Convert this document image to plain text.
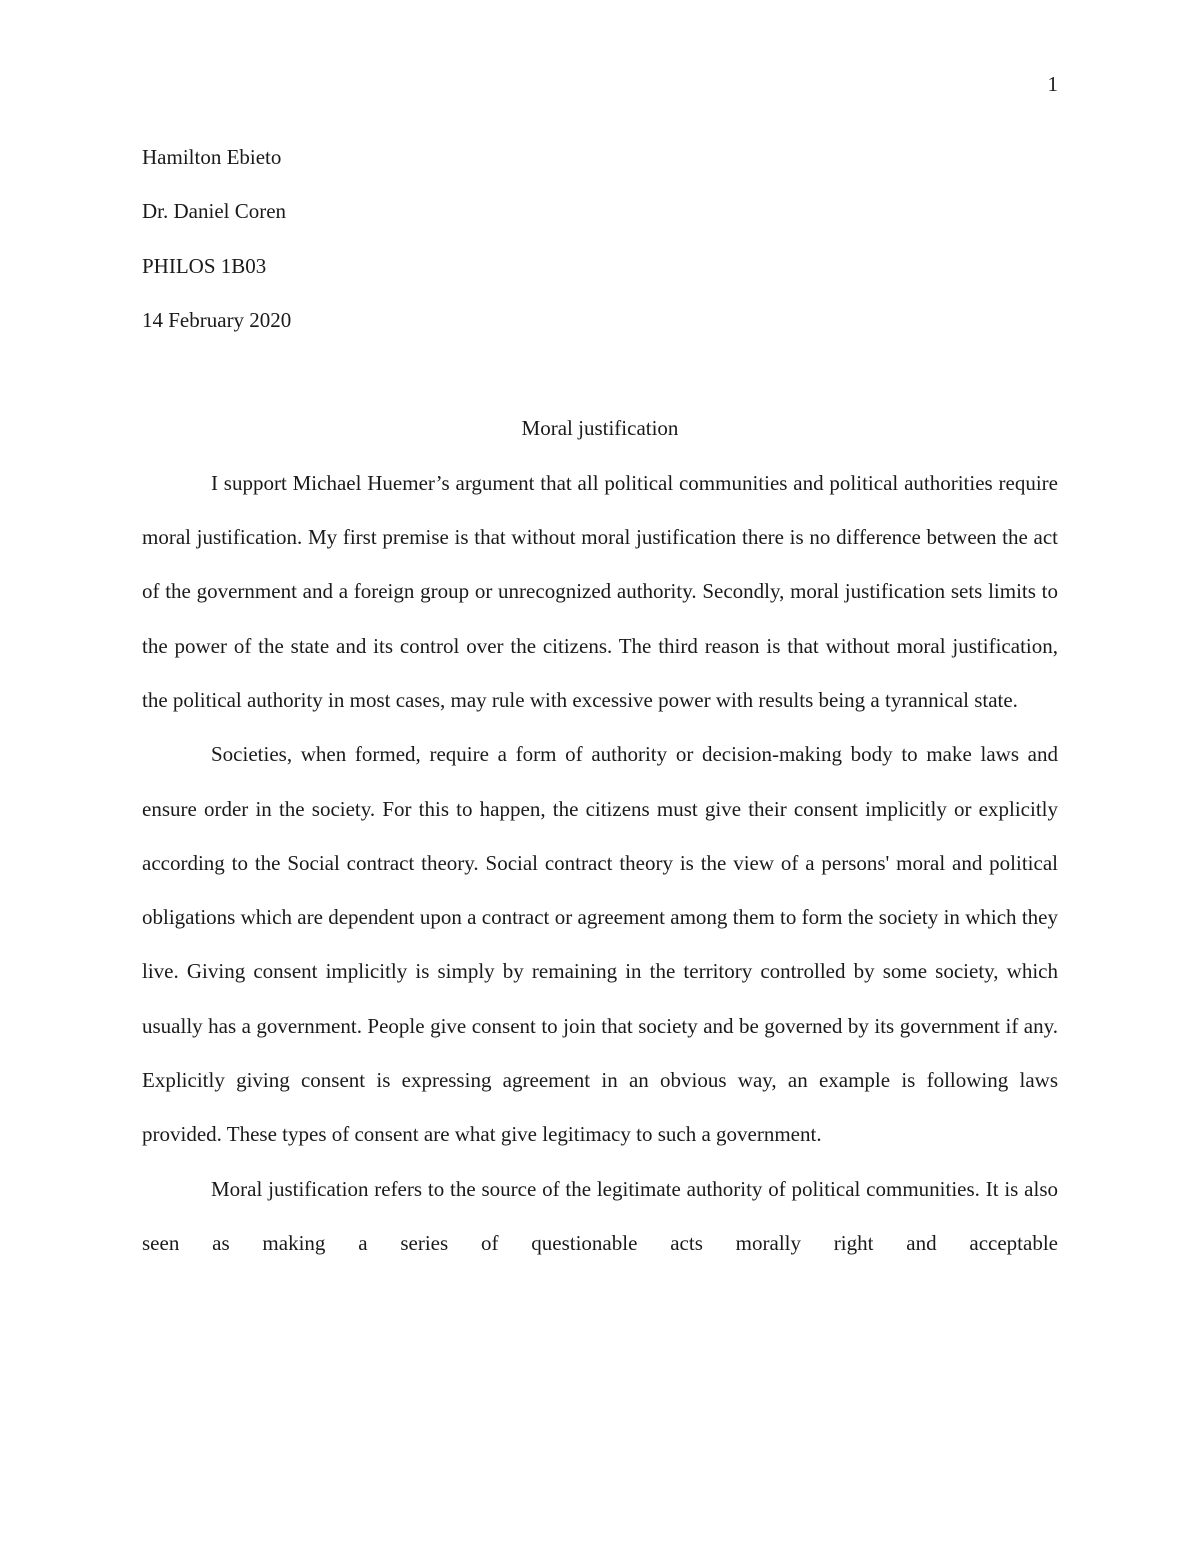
1

Hamilton Ebieto

Dr. Daniel Coren

PHILOS 1B03

14 February 2020

Moral justification

I support Michael Huemer’s argument that all political communities and political authorities require moral justification. My first premise is that without moral justification there is no difference between the act of the government and a foreign group or unrecognized authority. Secondly, moral justification sets limits to the power of the state and its control over the citizens. The third reason is that without moral justification, the political authority in most cases, may rule with excessive power with results being a tyrannical state.

Societies, when formed, require a form of authority or decision-making body to make laws and ensure order in the society. For this to happen, the citizens must give their consent implicitly or explicitly according to the Social contract theory. Social contract theory is the view of a persons' moral and political obligations which are dependent upon a contract or agreement among them to form the society in which they live. Giving consent implicitly is simply by remaining in the territory controlled by some society, which usually has a government. People give consent to join that society and be governed by its government if any. Explicitly giving consent is expressing agreement in an obvious way, an example is following laws provided. These types of consent are what give legitimacy to such a government.

Moral justification refers to the source of the legitimate authority of political communities. It is also seen as making a series of questionable acts morally right and acceptable
